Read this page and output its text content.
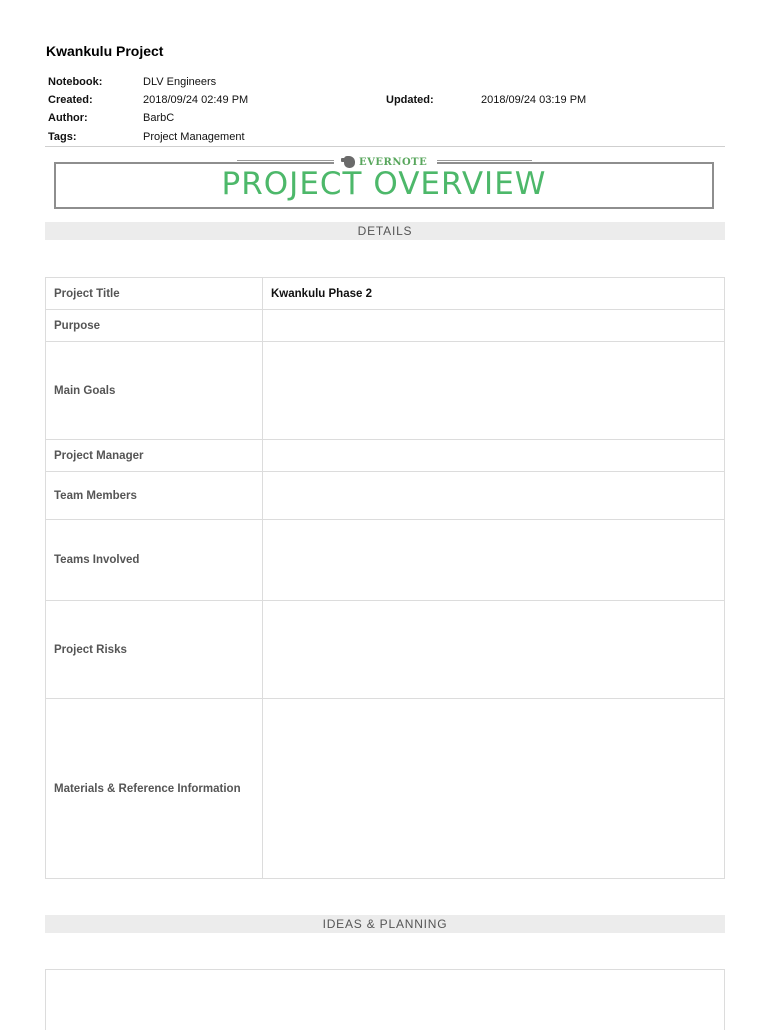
Kwankulu Project
Notebook:	DLV Engineers
Created:	2018/09/24 02:49 PM	Updated:	2018/09/24 03:19 PM
Author:	BarbC
Tags:	Project Management
EVERNOTE
PROJECT OVERVIEW
DETAILS
Project Title	Kwankulu Phase 2
Purpose	
Main Goals	
Project Manager	
Team Members	
Teams Involved	
Project Risks	
Materials & Reference Information	
IDEAS & PLANNING
